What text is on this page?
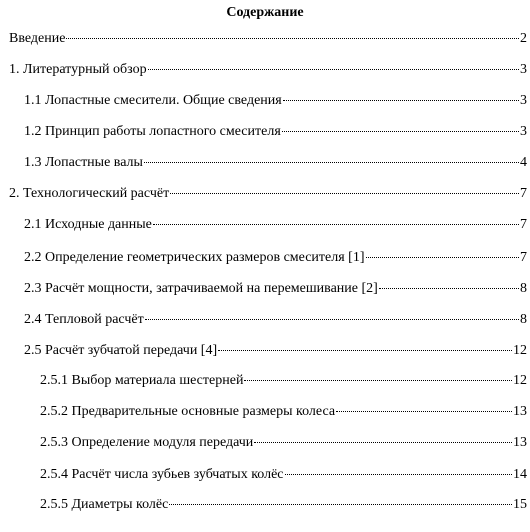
Содержание
Введение	2
1. Литературный обзор	3
1.1 Лопастные смесители. Общие сведения	3
1.2 Принцип работы лопастного смесителя	3
1.3 Лопастные валы	4
2. Технологический расчёт	7
2.1 Исходные данные	7
2.2 Определение геометрических размеров смесителя [1]	7
2.3 Расчёт мощности, затрачиваемой на перемешивание [2]	8
2.4 Тепловой расчёт	8
2.5 Расчёт зубчатой передачи [4]	12
2.5.1 Выбор материала шестерней	12
2.5.2 Предварительные основные размеры колеса	13
2.5.3 Определение модуля передачи	13
2.5.4 Расчёт числа зубьев зубчатых колёс	14
2.5.5 Диаметры колёс	15
